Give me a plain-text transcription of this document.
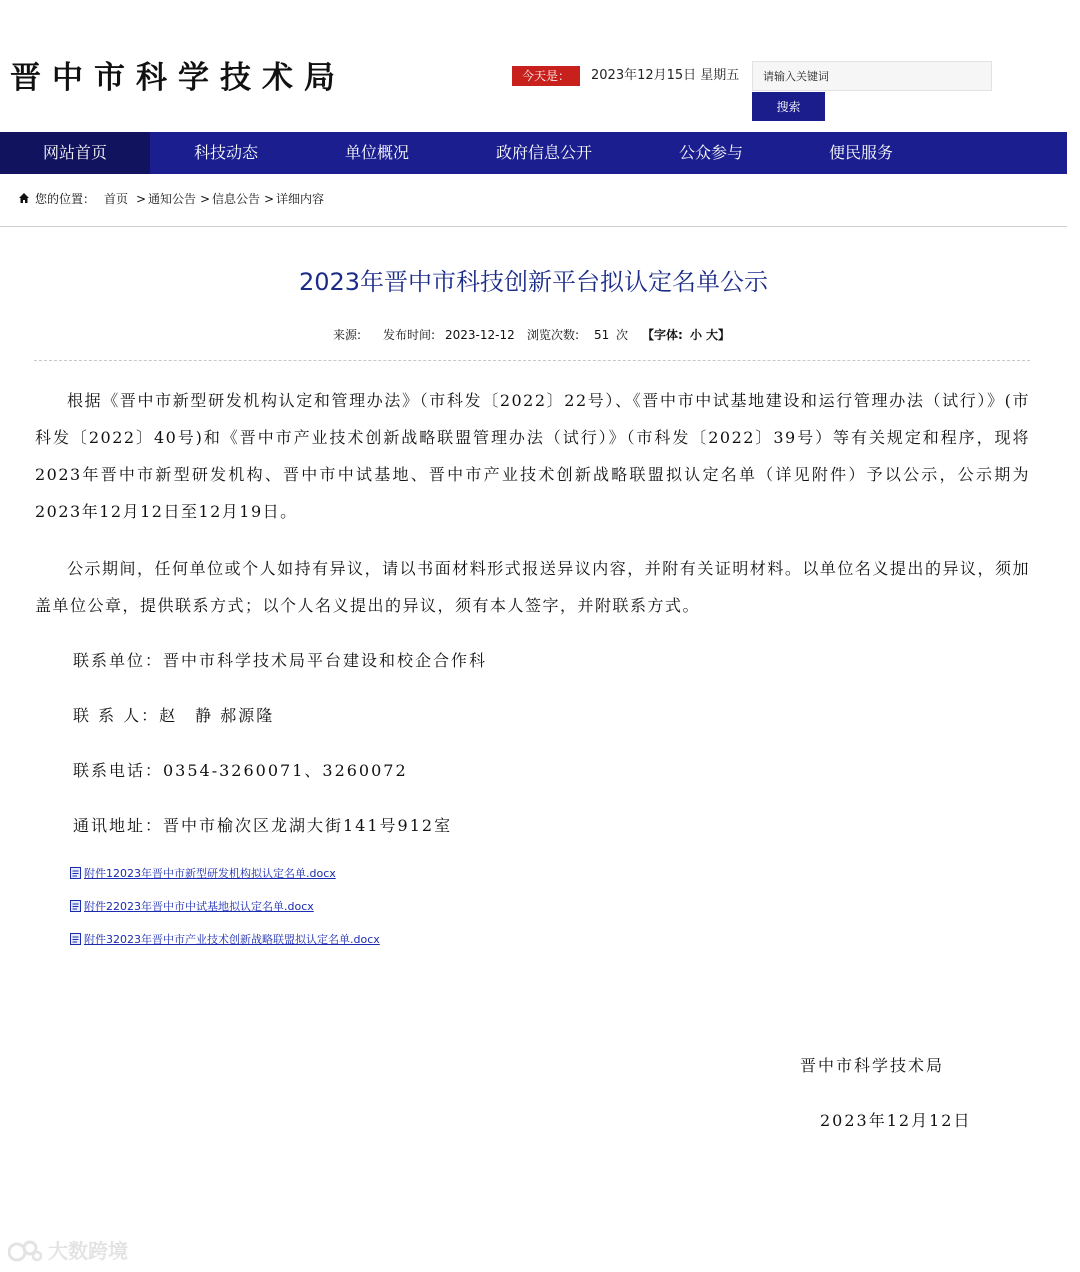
晋中市科学技术局	今天是：	2023年12月15日 星期五
请输入关键词
搜索
网站首页	科技动态	单位概况	政府信息公开	公众参与	便民服务
您的位置： 首页 > 通知公告 > 信息公告 > 详细内容
2023年晋中市科技创新平台拟认定名单公示
来源: 发布时间: 2023-12-12 浏览次数: 51 次 【字体: 小 大】

根据《晋中市新型研发机构认定和管理办法》（市科发〔2022〕22号）、《晋中市中试基地建设和运行管理办法（试行）》(市科发〔2022〕40号)和《晋中市产业技术创新战略联盟管理办法（试行）》（市科发〔2022〕39号）等有关规定和程序，现将2023年晋中市新型研发机构、晋中市中试基地、晋中市产业技术创新战略联盟拟认定名单（详见附件）予以公示，公示期为2023年12月12日至12月19日。

公示期间，任何单位或个人如持有异议，请以书面材料形式报送异议内容，并附有关证明材料。以单位名义提出的异议，须加盖单位公章，提供联系方式；以个人名义提出的异议，须有本人签字，并附联系方式。

联系单位：晋中市科学技术局平台建设和校企合作科
联 系 人：赵　静 郝源隆
联系电话：0354-3260071、3260072
通讯地址：晋中市榆次区龙湖大街141号912室
附件12023年晋中市新型研发机构拟认定名单.docx
附件22023年晋中市中试基地拟认定名单.docx
附件32023年晋中市产业技术创新战略联盟拟认定名单.docx
晋中市科学技术局
2023年12月12日
大数跨境
